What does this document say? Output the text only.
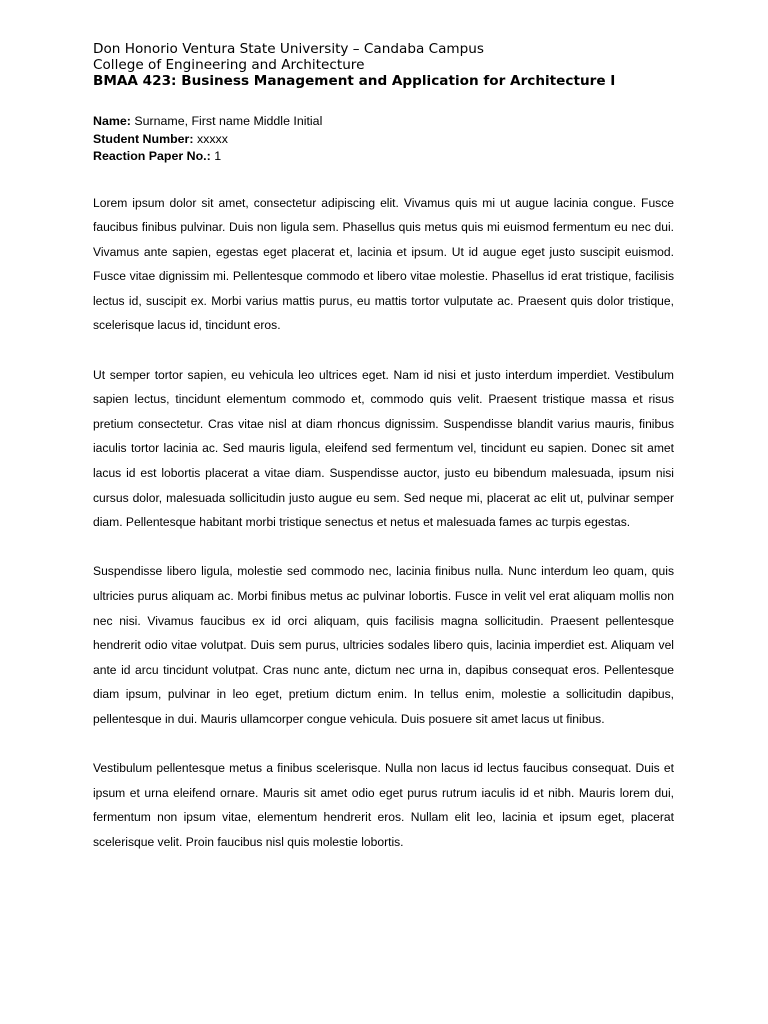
Don Honorio Ventura State University – Candaba Campus

College of Engineering and Architecture

BMAA 423: Business Management and Application for Architecture I

Name: Surname, First name Middle Initial

Student Number: xxxxx

Reaction Paper No.: 1

Lorem ipsum dolor sit amet, consectetur adipiscing elit. Vivamus quis mi ut augue lacinia congue. Fusce faucibus finibus pulvinar. Duis non ligula sem. Phasellus quis metus quis mi euismod fermentum eu nec dui. Vivamus ante sapien, egestas eget placerat et, lacinia et ipsum. Ut id augue eget justo suscipit euismod. Fusce vitae dignissim mi. Pellentesque commodo et libero vitae molestie. Phasellus id erat tristique, facilisis lectus id, suscipit ex. Morbi varius mattis purus, eu mattis tortor vulputate ac. Praesent quis dolor tristique, scelerisque lacus id, tincidunt eros.

Ut semper tortor sapien, eu vehicula leo ultrices eget. Nam id nisi et justo interdum imperdiet. Vestibulum sapien lectus, tincidunt elementum commodo et, commodo quis velit. Praesent tristique massa et risus pretium consectetur. Cras vitae nisl at diam rhoncus dignissim. Suspendisse blandit varius mauris, finibus iaculis tortor lacinia ac. Sed mauris ligula, eleifend sed fermentum vel, tincidunt eu sapien. Donec sit amet lacus id est lobortis placerat a vitae diam. Suspendisse auctor, justo eu bibendum malesuada, ipsum nisi cursus dolor, malesuada sollicitudin justo augue eu sem. Sed neque mi, placerat ac elit ut, pulvinar semper diam. Pellentesque habitant morbi tristique senectus et netus et malesuada fames ac turpis egestas.

Suspendisse libero ligula, molestie sed commodo nec, lacinia finibus nulla. Nunc interdum leo quam, quis ultricies purus aliquam ac. Morbi finibus metus ac pulvinar lobortis. Fusce in velit vel erat aliquam mollis non nec nisi. Vivamus faucibus ex id orci aliquam, quis facilisis magna sollicitudin. Praesent pellentesque hendrerit odio vitae volutpat. Duis sem purus, ultricies sodales libero quis, lacinia imperdiet est. Aliquam vel ante id arcu tincidunt volutpat. Cras nunc ante, dictum nec urna in, dapibus consequat eros. Pellentesque diam ipsum, pulvinar in leo eget, pretium dictum enim. In tellus enim, molestie a sollicitudin dapibus, pellentesque in dui. Mauris ullamcorper congue vehicula. Duis posuere sit amet lacus ut finibus.

Vestibulum pellentesque metus a finibus scelerisque. Nulla non lacus id lectus faucibus consequat. Duis et ipsum et urna eleifend ornare. Mauris sit amet odio eget purus rutrum iaculis id et nibh. Mauris lorem dui, fermentum non ipsum vitae, elementum hendrerit eros. Nullam elit leo, lacinia et ipsum eget, placerat scelerisque velit. Proin faucibus nisl quis molestie lobortis.
